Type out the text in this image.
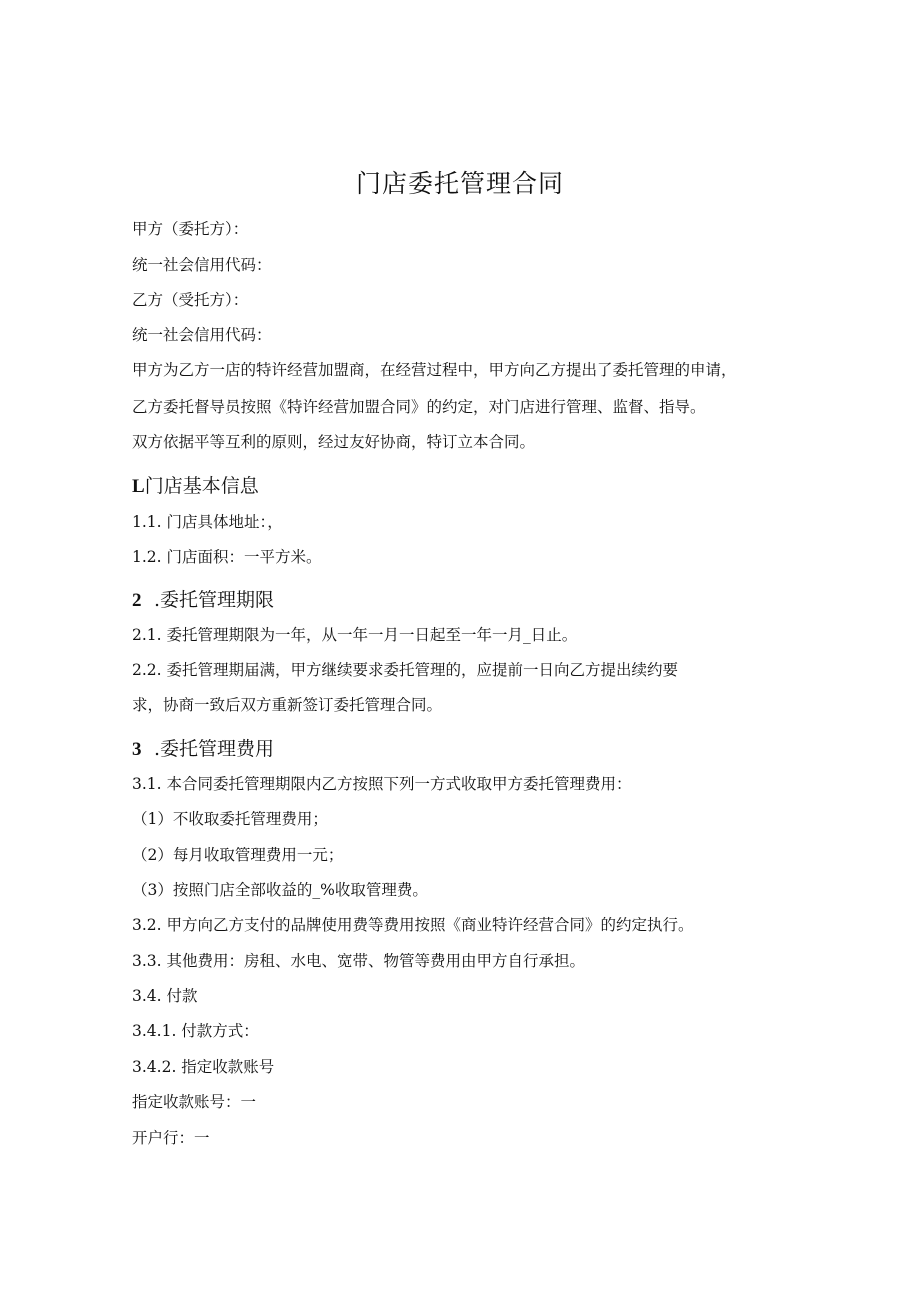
门店委托管理合同
甲方（委托方）：
统一社会信用代码：
乙方（受托方）：
统一社会信用代码：
甲方为乙方一店的特许经营加盟商，在经营过程中，甲方向乙方提出了委托管理的申请，
乙方委托督导员按照《特许经营加盟合同》的约定，对门店进行管理、监督、指导。
双方依据平等互利的原则，经过友好协商，特订立本合同。
L门店基本信息
1.1. 门店具体地址：，
1.2. 门店面积：一平方米。
2 .委托管理期限
2.1. 委托管理期限为一年，从一年一月一日起至一年一月_日止。
2.2. 委托管理期届满，甲方继续要求委托管理的，应提前一日向乙方提出续约要
求，协商一致后双方重新签订委托管理合同。
3 .委托管理费用
3.1. 本合同委托管理期限内乙方按照下列一方式收取甲方委托管理费用：
（1）不收取委托管理费用；
（2）每月收取管理费用一元；
（3）按照门店全部收益的_%收取管理费。
3.2. 甲方向乙方支付的品牌使用费等费用按照《商业特许经营合同》的约定执行。
3.3. 其他费用：房租、水电、宽带、物管等费用由甲方自行承担。
3.4. 付款
3.4.1. 付款方式：
3.4.2. 指定收款账号
指定收款账号：一
开户行：一
